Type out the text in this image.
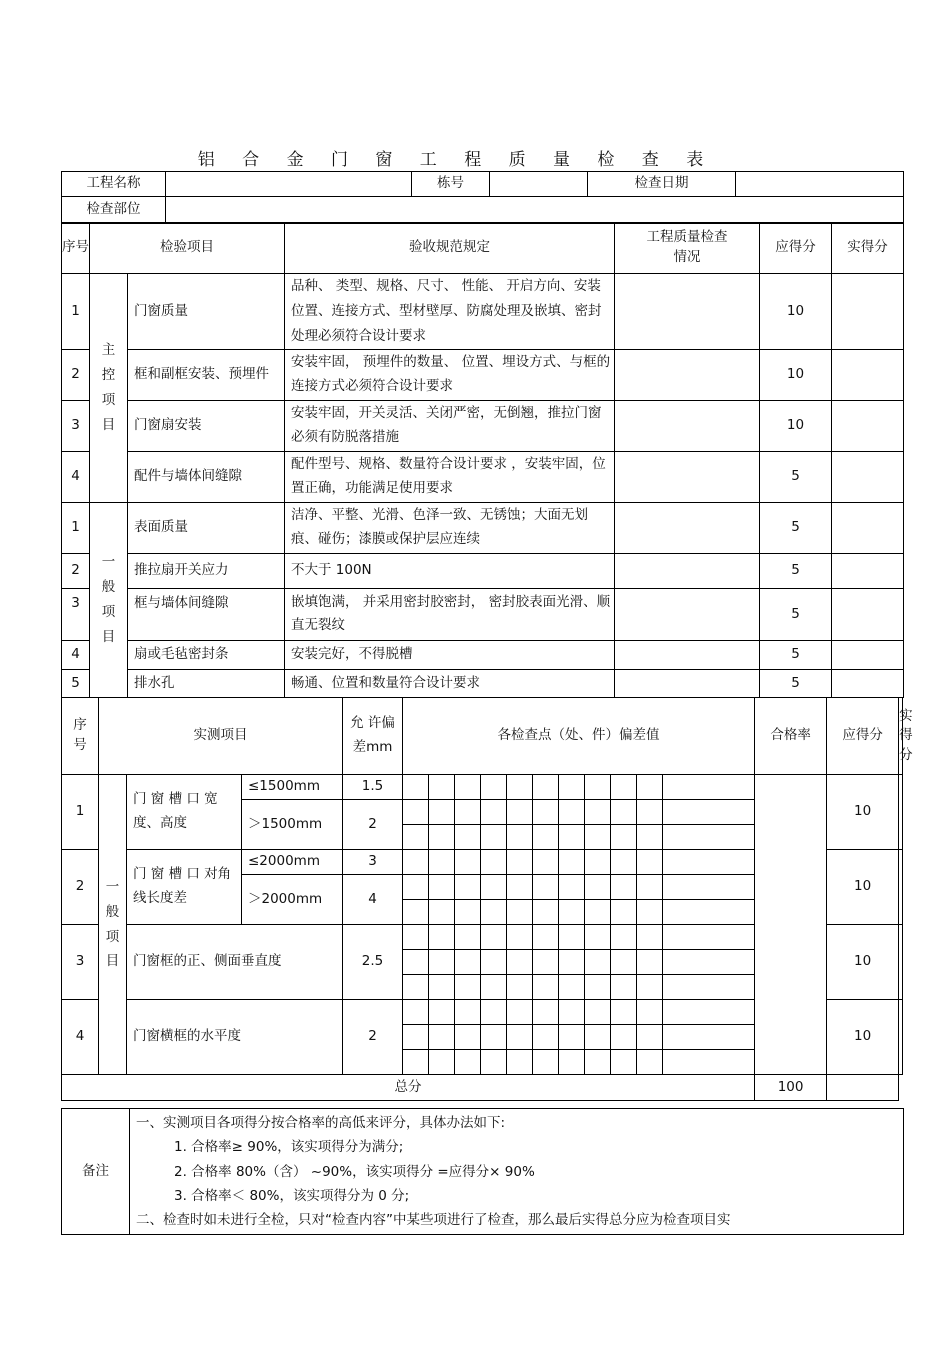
铝 合 金 门 窗 工 程 质 量 检 查 表
工程名称		栋号		检查日期	
检查部位					
序号	检验项目		验收规范规定	工程质量检查情况	应得分	实得分
1	主控项目	门窗质量	品种、 类型、规格、尺寸、 性能、 开启方向、安装位置、连接方式、型材壁厚、防腐处理及嵌填、密封处理必须符合设计要求		10	
2		框和副框安装、预埋件	安装牢固， 预埋件的数量、 位置、埋设方式、与框的连接方式必须符合设计要求		10	
3		门窗扇安装	安装牢固，开关灵活、关闭严密，无倒翘，推拉门窗必须有防脱落措施		10	
4		配件与墙体间缝隙	配件型号、规格、数量符合设计要求 ，安装牢固，位置正确，功能满足使用要求		5	
1	一般项目	表面质量	洁净、平整、光滑、色泽一致、无锈蚀；大面无划痕、碰伤；漆膜或保护层应连续		5	
2		推拉扇开关应力	不大于 100N		5	
3		框与墙体间缝隙	嵌填饱满， 并采用密封胶密封， 密封胶表面光滑、顺直无裂纹		5	
4		扇或毛毡密封条	安装完好，不得脱槽		5	
5		排水孔	畅通、位置和数量符合设计要求		5	
序号	实测项目			允 许偏 差mm	各检查点（处、件）偏差值											合格率	应得分	实得分
1	一般项目	门 窗 槽 口 宽度、高度	≤1500mm	1.5													10	
			＞1500mm	2														

2		门 窗 槽 口 对角线长度差	≤2000mm	3													10	
			＞2000mm	4														

3		门窗框的正、侧面垂直度		2.5													10	

4		门窗横框的水平度		2													10	

总分																100		
备注	
一、实测项目各项得分按合格率的高低来评分，具体办法如下:
1. 合格率≥ 90%，该实项得分为满分;
2. 合格率 80%（含） ~90%，该实项得分 =应得分× 90%
3. 合格率＜ 80%，该实项得分为 0 分;
二、检查时如未进行全检，只对“检查内容”中某些项进行了检查，那么最后实得总分应为检查项目实
